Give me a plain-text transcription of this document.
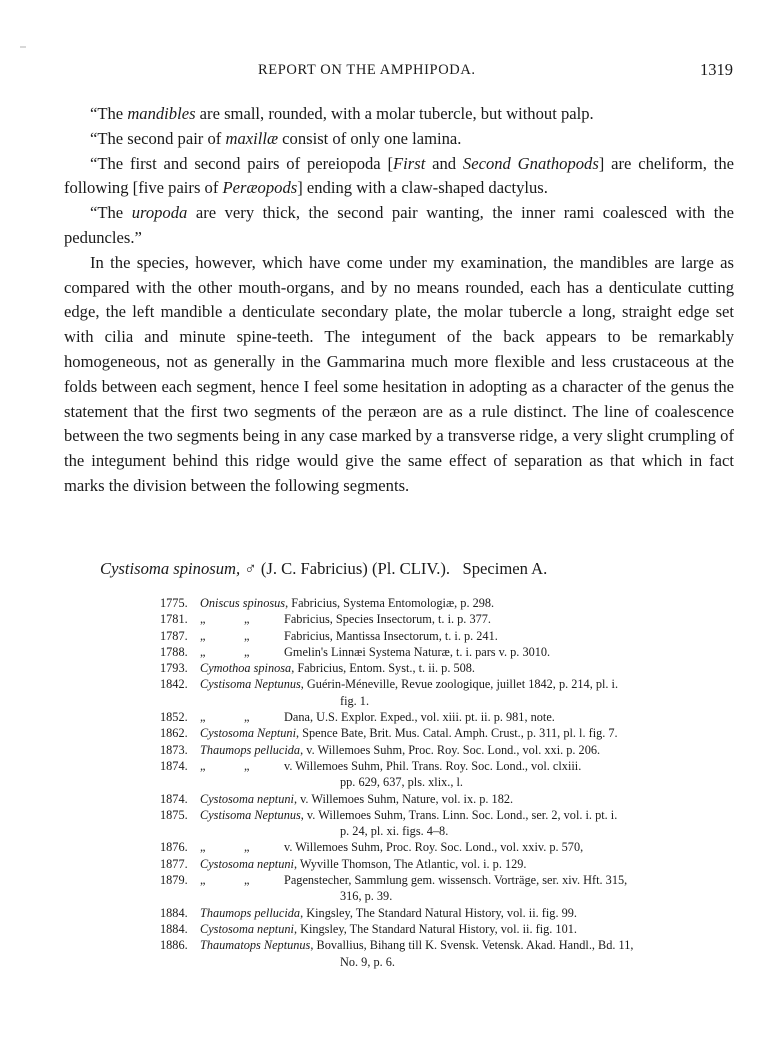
REPORT ON THE AMPHIPODA.	1319

“The mandibles are small, rounded, with a molar tubercle, but without palp.

“The second pair of maxillæ consist of only one lamina.

“The first and second pairs of pereiopoda [First and Second Gnathopods] are cheliform, the following [five pairs of Peræopods] ending with a claw-shaped dactylus.

“The uropoda are very thick, the second pair wanting, the inner rami coalesced with the peduncles.”

In the species, however, which have come under my examination, the mandibles are large as compared with the other mouth-organs, and by no means rounded, each has a denticulate cutting edge, the left mandible a denticulate secondary plate, the molar tubercle a long, straight edge set with cilia and minute spine-teeth. The integument of the back appears to be remarkably homogeneous, not as generally in the Gammarina much more flexible and less crustaceous at the folds between each segment, hence I feel some hesitation in adopting as a character of the genus the statement that the first two segments of the peræon are as a rule distinct. The line of coalescence between the two segments being in any case marked by a transverse ridge, a very slight crumpling of the integument behind this ridge would give the same effect of separation as that which in fact marks the division between the following segments.

Cystisoma spinosum, ♂ (J. C. Fabricius) (Pl. CLIV.).   Specimen A.
1775.	Oniscus spinosus, Fabricius, Systema Entomologiæ, p. 298.
1781.	„	„	Fabricius, Species Insectorum, t. i. p. 377.
1787.	„	„	Fabricius, Mantissa Insectorum, t. i. p. 241.
1788.	„	„	Gmelin's Linnæi Systema Naturæ, t. i. pars v. p. 3010.
1793.	Cymothoa spinosa, Fabricius, Entom. Syst., t. ii. p. 508.
1842.	Cystisoma Neptunus, Guérin-Méneville, Revue zoologique, juillet 1842, p. 214, pl. i.
fig. 1.
1852.	„	„	Dana, U.S. Explor. Exped., vol. xiii. pt. ii. p. 981, note.
1862.	Cystosoma Neptuni, Spence Bate, Brit. Mus. Catal. Amph. Crust., p. 311, pl. l. fig. 7.
1873.	Thaumops pellucida, v. Willemoes Suhm, Proc. Roy. Soc. Lond., vol. xxi. p. 206.
1874.	„	„	v. Willemoes Suhm, Phil. Trans. Roy. Soc. Lond., vol. clxiii.
pp. 629, 637, pls. xlix., l.
1874.	Cystosoma neptuni, v. Willemoes Suhm, Nature, vol. ix. p. 182.
1875.	Cystisoma Neptunus, v. Willemoes Suhm, Trans. Linn. Soc. Lond., ser. 2, vol. i. pt. i.
p. 24, pl. xi. figs. 4–8.
1876.	„	„	v. Willemoes Suhm, Proc. Roy. Soc. Lond., vol. xxiv. p. 570,
1877.	Cystosoma neptuni, Wyville Thomson, The Atlantic, vol. i. p. 129.
1879.	„	„	Pagenstecher, Sammlung gem. wissensch. Vorträge, ser. xiv. Hft. 315,
316, p. 39.
1884.	Thaumops pellucida, Kingsley, The Standard Natural History, vol. ii. fig. 99.
1884.	Cystosoma neptuni, Kingsley, The Standard Natural History, vol. ii. fig. 101.
1886.	Thaumatops Neptunus, Bovallius, Bihang till K. Svensk. Vetensk. Akad. Handl., Bd. 11,
No. 9, p. 6.
